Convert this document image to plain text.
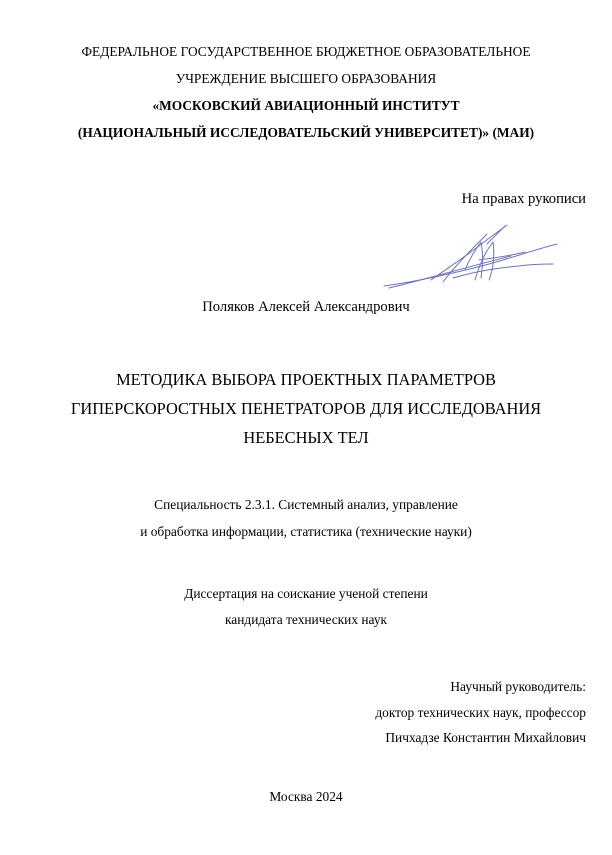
ФЕДЕРАЛЬНОЕ ГОСУДАРСТВЕННОЕ БЮДЖЕТНОЕ ОБРАЗОВАТЕЛЬНОЕ
УЧРЕЖДЕНИЕ ВЫСШЕГО ОБРАЗОВАНИЯ
«МОСКОВСКИЙ АВИАЦИОННЫЙ ИНСТИТУТ
(НАЦИОНАЛЬНЫЙ ИССЛЕДОВАТЕЛЬСКИЙ УНИВЕРСИТЕТ)» (МАИ)
На правах рукописи
Поляков Алексей Александрович
МЕТОДИКА ВЫБОРА ПРОЕКТНЫХ ПАРАМЕТРОВ
ГИПЕРСКОРОСТНЫХ ПЕНЕТРАТОРОВ ДЛЯ ИССЛЕДОВАНИЯ
НЕБЕСНЫХ ТЕЛ
Специальность 2.3.1. Системный анализ, управление
и обработка информации, статистика (технические науки)
Диссертация на соискание ученой степени
кандидата технических наук
Научный руководитель:
доктор технических наук, профессор
Пичхадзе Константин Михайлович
Москва 2024
